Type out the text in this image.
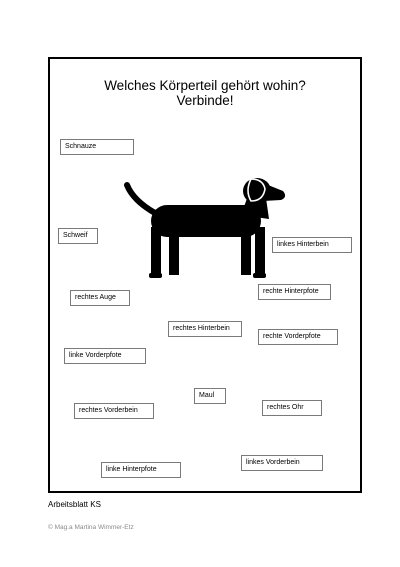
Welches Körperteil gehört wohin?
Verbinde!
Schnauze
Schweif
linkes Hinterbein
rechte Hinterpfote
rechtes Auge
rechtes Hinterbein
rechte Vorderpfote
linke Vorderpfote
Maul
rechtes Ohr
rechtes Vorderbein
linkes Vorderbein
linke Hinterpfote
Arbeitsblatt KS
© Mag.a Martina Wimmer-Etz
